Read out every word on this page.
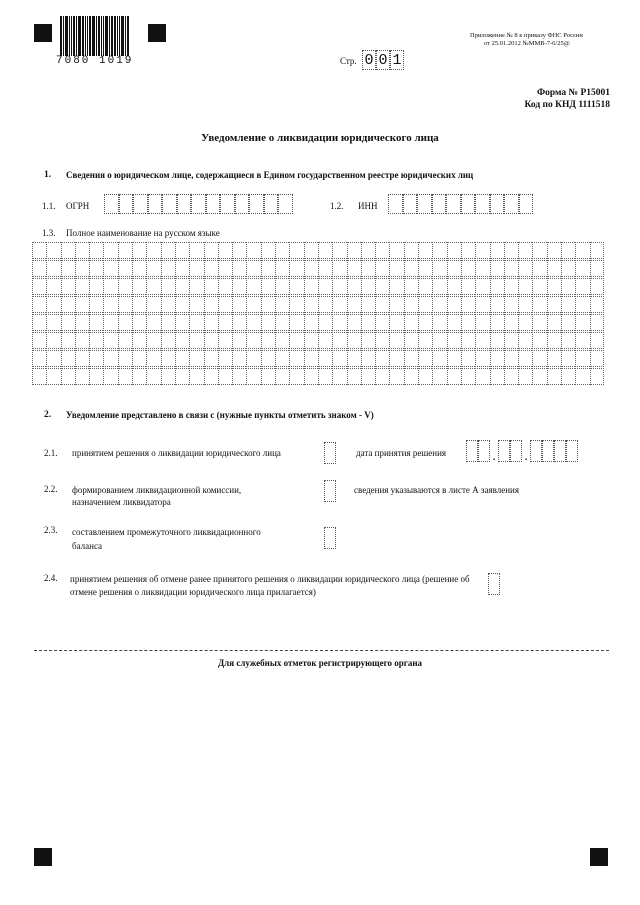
7080 1019
Приложение № 8 к приказу ФНС России
от 25.01.2012 №ММВ-7-6/25@
Стр. 0 0 1
Форма № Р15001
Код по КНД 1111518
Уведомление о ликвидации юридического лица
1. Сведения о юридическом лице, содержащиеся в Едином государственном реестре юридических лиц
1.1. ОГРН	1.2. ИНН
1.3. Полное наименование на русском языке
2. Уведомление представлено в связи с (нужные пункты отметить знаком - V)
2.1. принятием решения о ликвидации юридического лица	дата принятия решения	. .
2.2. формированием ликвидационной комиссии, назначением ликвидатора
сведения указываются в листе А заявления
2.3. составлением промежуточного ликвидационного баланса
2.4. принятием решения об отмене ранее принятого решения о ликвидации юридического лица (решение об отмене решения о ликвидации юридического лица прилагается)
Для служебных отметок регистрирующего органа
